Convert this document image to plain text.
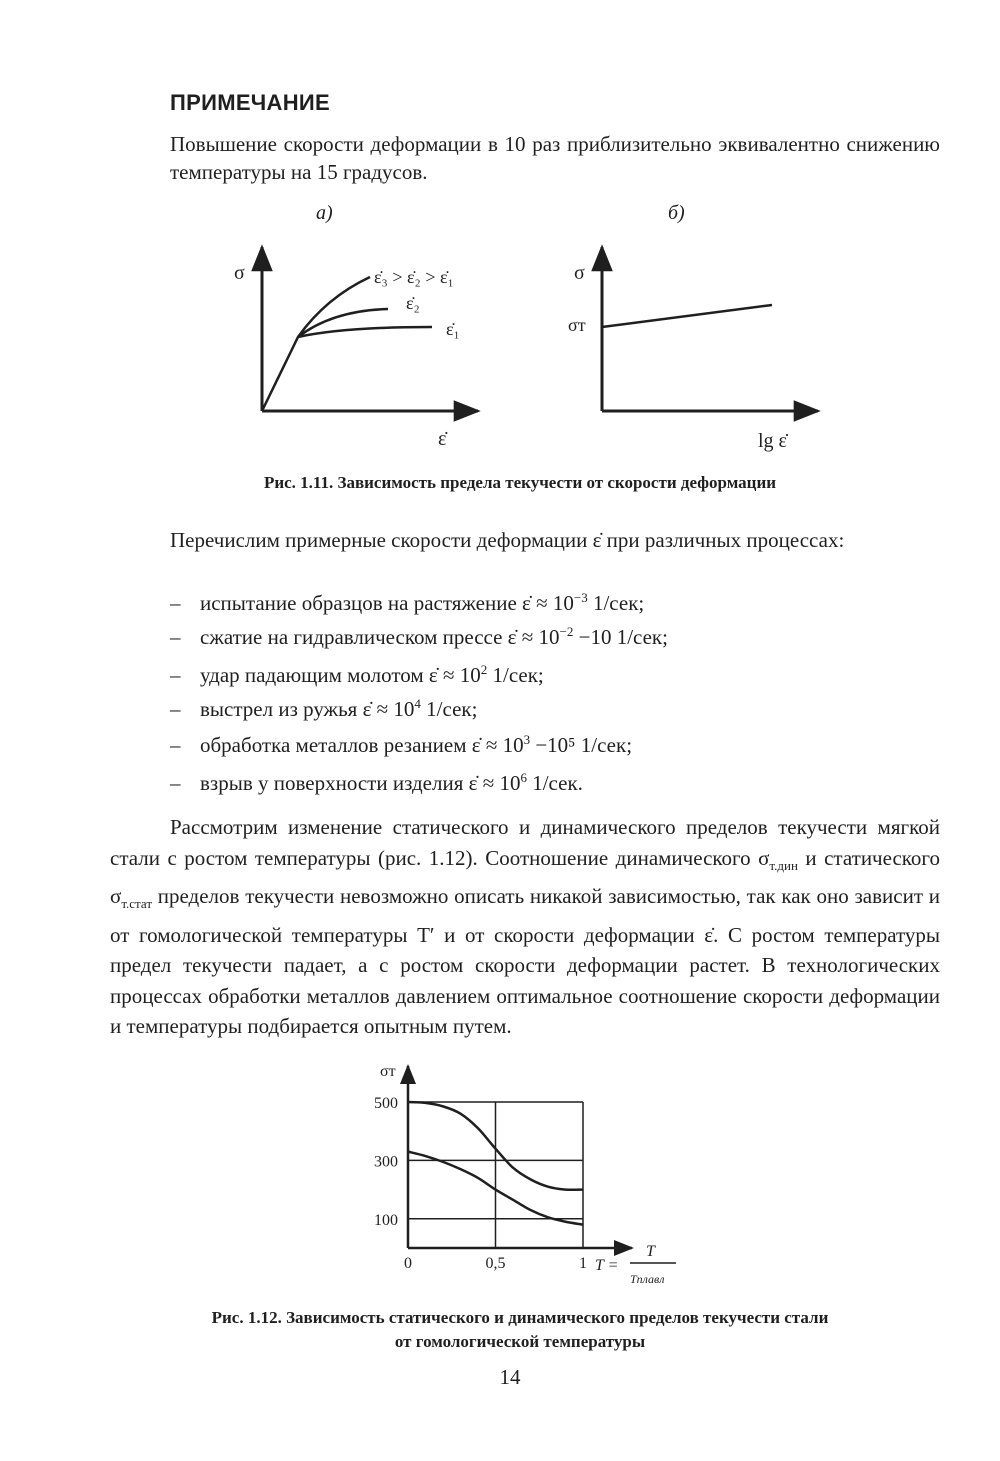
ПРИМЕЧАНИЕ
Повышение скорости деформации в 10 раз приблизительно эквивалентно снижению температуры на 15 градусов.
а)	б)
σ	ε̇₃ > ε̇₂ > ε̇₁
ε̇₂
ε̇₁
ε̇
σ
σт
lg ε̇
Рис. 1.11. Зависимость предела текучести от скорости деформации
Перечислим примерные скорости деформации ε̇ при различных процессах:
– испытание образцов на растяжение ε̇ ≈ $10^{-3}$ 1/сек;
– сжатие на гидравлическом прессе ε̇ ≈ $10^{-2} -10$ 1/сек;
– удар падающим молотом ε̇ ≈ $10^2$ 1/сек;
– выстрел из ружья ε̇ ≈ $10^4$ 1/сек;
– обработка металлов резанием ε̇ ≈ $10^3 -10^5$ 1/сек;
– взрыв у поверхности изделия ε̇ ≈ $10^6$ 1/сек.
Рассмотрим изменение статического и динамического пределов текучести мягкой стали с ростом температуры (рис. 1.12). Соотношение динамического $\sigma_{т.дин}$ и статического $\sigma_{т.стат}$ пределов текучести невозможно описать никакой зависимостью, так как оно зависит и от гомологической температуры T′ и от скорости деформации ε̇. С ростом температуры предел текучести падает, а с ростом скорости деформации растет. В технологических процессах обработки металлов давлением оптимальное соотношение скорости деформации и температуры подбирается опытным путем.
100
300
500
0	0,5	1
σт
T =
T
Tплавл
Рис. 1.12. Зависимость статического и динамического пределов текучести стали
от гомологической температуры
14
